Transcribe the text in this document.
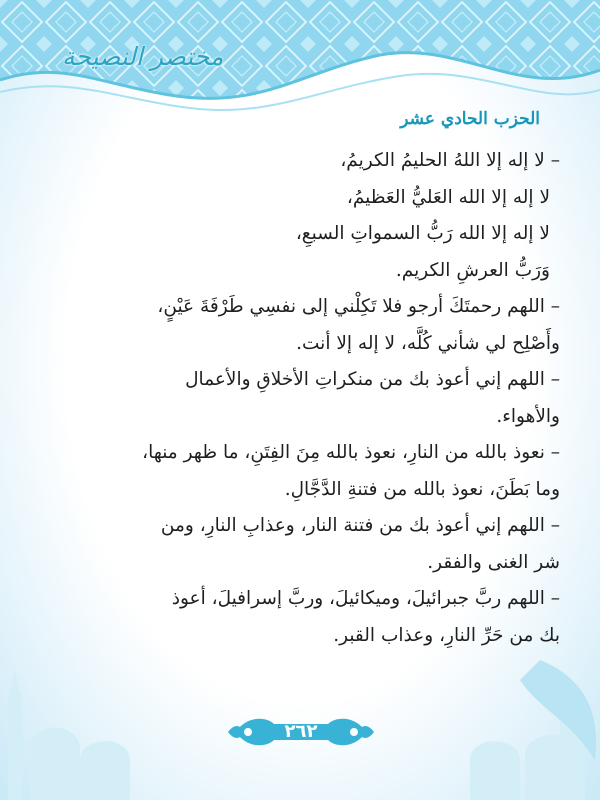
مختصر النصيحة
الحزب الحادي عشر
– لا إله إلا اللهُ الحليمُ الكريمُ،
لا إله إلا الله العَليُّ العَظيمُ،
لا إله إلا الله رَبُّ السمواتِ السبعِ،
وَرَبُّ العرشِ الكريم.
– اللهم رحمتَكَ أرجو فلا تَكِلْني إلى نفسِي طَرْفَةَ عَيْنٍ،
وأَصْلِح لي شأني كُلَّه، لا إله إلا أنت.
– اللهم إني أعوذ بك من منكراتِ الأخلاقِ والأعمال
والأهواء.
– نعوذ بالله من النارِ، نعوذ بالله مِنَ الفِتَنِ، ما ظهر منها،
وما بَطَنَ، نعوذ بالله من فتنةِ الدَّجَّالِ.
– اللهم إني أعوذ بك من فتنة النار، وعذابِ النارِ، ومن
شر الغنى والفقر.
– اللهم ربَّ جبرائيلَ، وميكائيلَ، وربَّ إسرافيلَ، أعوذ
بك من حَرِّ النارِ، وعذاب القبر.
٢٦٢
